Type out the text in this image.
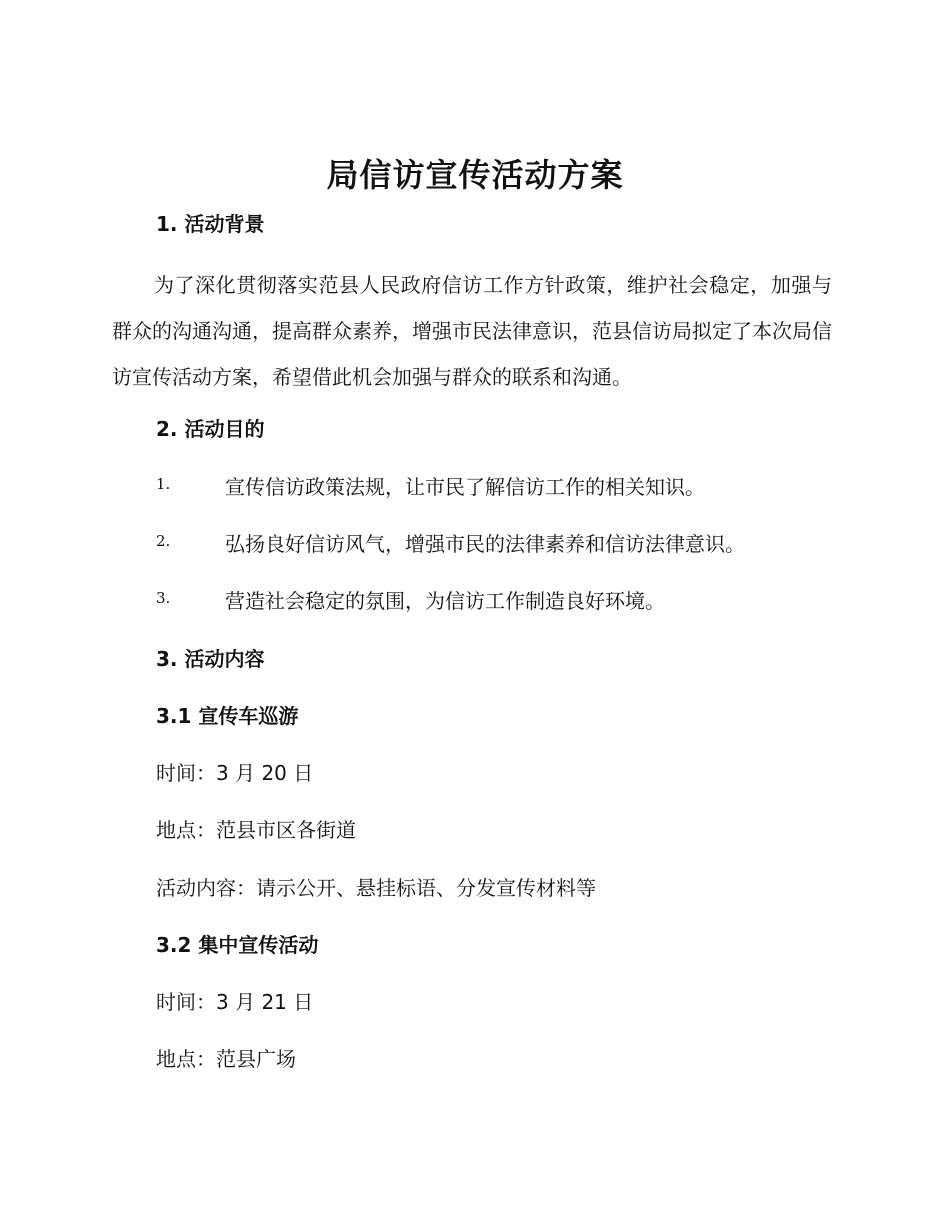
局信访宣传活动方案
1. 活动背景
为了深化贯彻落实范县人民政府信访工作方针政策，维护社会稳定，加强与群众的沟通沟通，提高群众素养，增强市民法律意识，范县信访局拟定了本次局信访宣传活动方案，希望借此机会加强与群众的联系和沟通。
2. 活动目的
1.	宣传信访政策法规，让市民了解信访工作的相关知识。
2.	弘扬良好信访风气，增强市民的法律素养和信访法律意识。
3.	营造社会稳定的氛围，为信访工作制造良好环境。
3. 活动内容
3.1 宣传车巡游
时间：3 月 20 日
地点：范县市区各街道
活动内容：请示公开、悬挂标语、分发宣传材料等
3.2 集中宣传活动
时间：3 月 21 日
地点：范县广场
